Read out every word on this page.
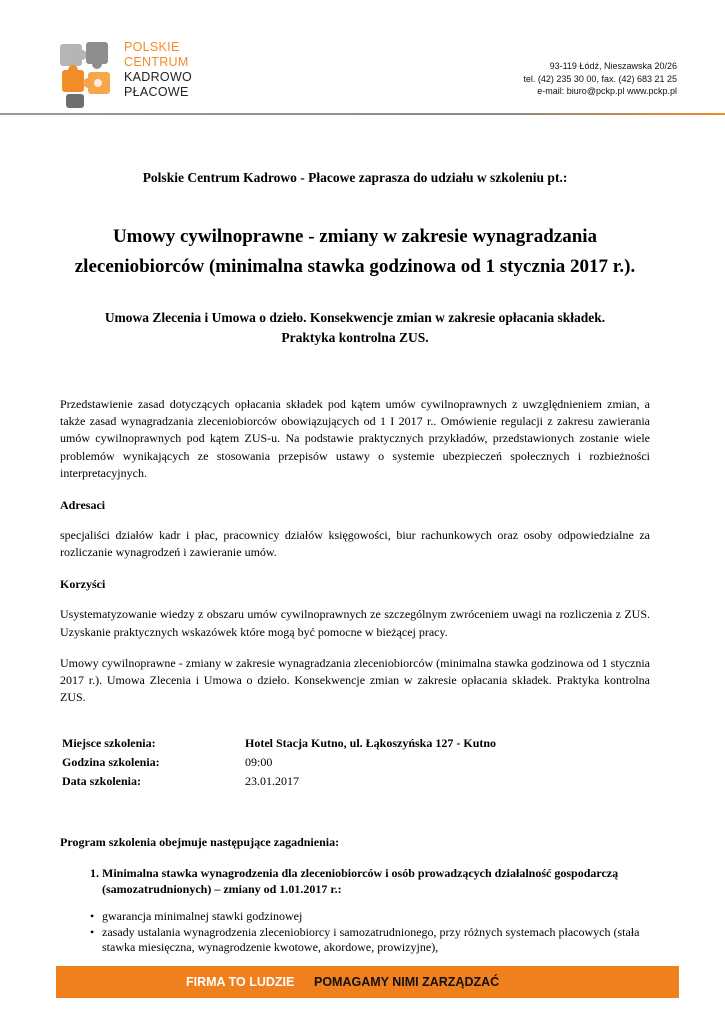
POLSKIE
CENTRUM
KADROWO
PŁACOWE
93-119 Łódź, Nieszawska 20/26
tel. (42) 235 30 00, fax. (42) 683 21 25
e-mail: biuro@pckp.pl www.pckp.pl

Polskie Centrum Kadrowo - Płacowe zaprasza do udziału w szkoleniu pt.:

Umowy cywilnoprawne - zmiany w zakresie wynagradzania
zleceniobiorców (minimalna stawka godzinowa od 1 stycznia 2017 r.).
Umowa Zlecenia i Umowa o dzieło. Konsekwencje zmian w zakresie opłacania składek.
Praktyka kontrolna ZUS.

Przedstawienie zasad dotyczących opłacania składek pod kątem umów cywilnoprawnych z uwzględnieniem zmian, a także zasad wynagradzania zleceniobiorców obowiązujących od 1 I 2017 r.. Omówienie regulacji z zakresu zawierania umów cywilnoprawnych pod kątem ZUS-u. Na podstawie praktycznych przykładów, przedstawionych zostanie wiele problemów wynikających ze stosowania przepisów ustawy o systemie ubezpieczeń społecznych i rozbieżności interpretacyjnych.

Adresaci

specjaliści działów kadr i płac, pracownicy działów księgowości, biur rachunkowych oraz osoby odpowiedzialne za rozliczanie wynagrodzeń i zawieranie umów.

Korzyści

Usystematyzowanie wiedzy z obszaru umów cywilnoprawnych ze szczególnym zwróceniem uwagi na rozliczenia z ZUS. Uzyskanie praktycznych wskazówek które mogą być pomocne w bieżącej pracy.

Umowy cywilnoprawne - zmiany w zakresie wynagradzania zleceniobiorców (minimalna stawka godzinowa od 1 stycznia 2017 r.). Umowa Zlecenia i Umowa o dzieło. Konsekwencje zmian w zakresie opłacania składek. Praktyka kontrolna ZUS.

Miejsce szkolenia:	Hotel Stacja Kutno, ul. Łąkoszyńska 127 - Kutno
Godzina szkolenia:	09:00
Data szkolenia:	23.01.2017

Program szkolenia obejmuje następujące zagadnienia:

1. Minimalna stawka wynagrodzenia dla zleceniobiorców i osób prowadzących działalność gospodarczą (samozatrudnionych) – zmiany od 1.01.2017 r.:
• gwarancja minimalnej stawki godzinowej
• zasady ustalania wynagrodzenia zleceniobiorcy i samozatrudnionego, przy różnych systemach płacowych (stała stawka miesięczna, wynagrodzenie kwotowe, akordowe, prowizyjne),
FIRMA TO LUDZIE POMAGAMY NIMI ZARZĄDZAĆ
